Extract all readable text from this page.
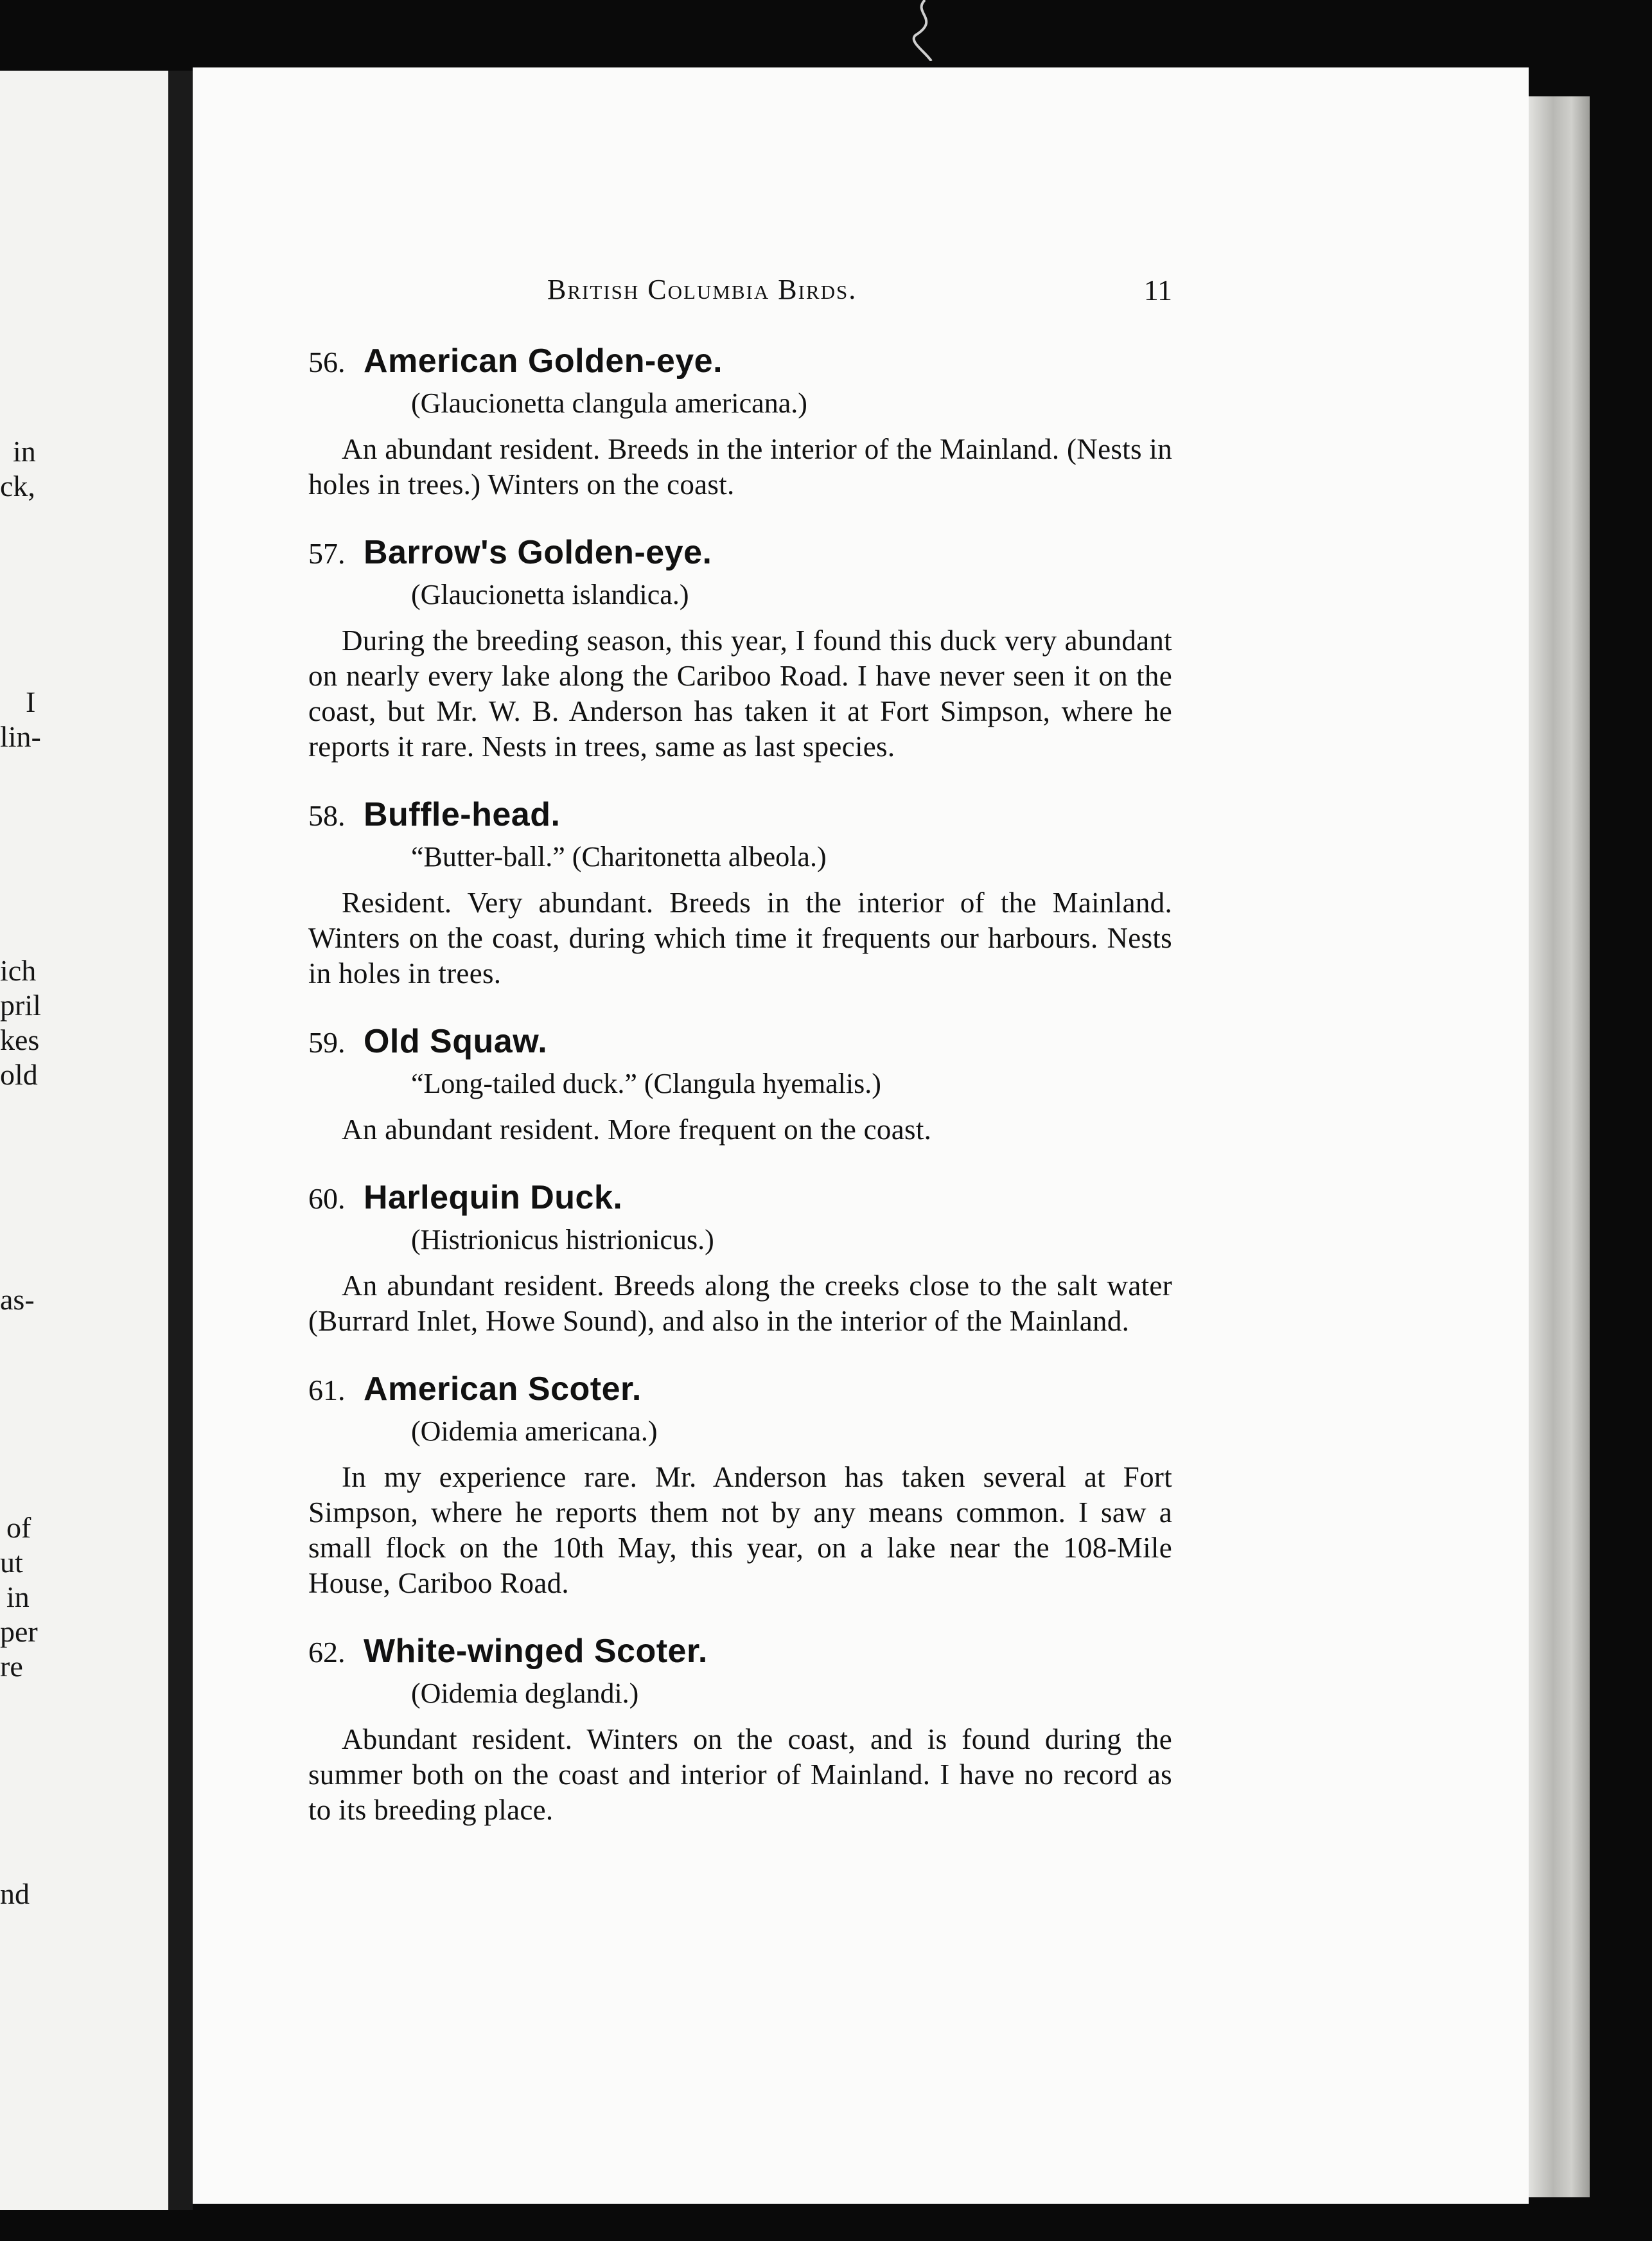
in
ck,
I
lin-
ich
pril
kes
old
as-
of
ut
in
per
re
nd
British Columbia Birds.	11
56. American Golden-eye.
(Glaucionetta clangula americana.)
An abundant resident. Breeds in the interior of the Mainland. (Nests in holes in trees.) Winters on the coast.
57. Barrow's Golden-eye.
(Glaucionetta islandica.)
During the breeding season, this year, I found this duck very abundant on nearly every lake along the Cariboo Road. I have never seen it on the coast, but Mr. W. B. Anderson has taken it at Fort Simpson, where he reports it rare. Nests in trees, same as last species.
58. Buffle-head.
“Butter-ball.” (Charitonetta albeola.)
Resident. Very abundant. Breeds in the interior of the Mainland. Winters on the coast, during which time it frequents our harbours. Nests in holes in trees.
59. Old Squaw.
“Long-tailed duck.” (Clangula hyemalis.)
An abundant resident. More frequent on the coast.
60. Harlequin Duck.
(Histrionicus histrionicus.)
An abundant resident. Breeds along the creeks close to the salt water (Burrard Inlet, Howe Sound), and also in the interior of the Mainland.
61. American Scoter.
(Oidemia americana.)
In my experience rare. Mr. Anderson has taken several at Fort Simpson, where he reports them not by any means common. I saw a small flock on the 10th May, this year, on a lake near the 108-Mile House, Cariboo Road.
62. White-winged Scoter.
(Oidemia deglandi.)
Abundant resident. Winters on the coast, and is found during the summer both on the coast and interior of Mainland. I have no record as to its breeding place.
